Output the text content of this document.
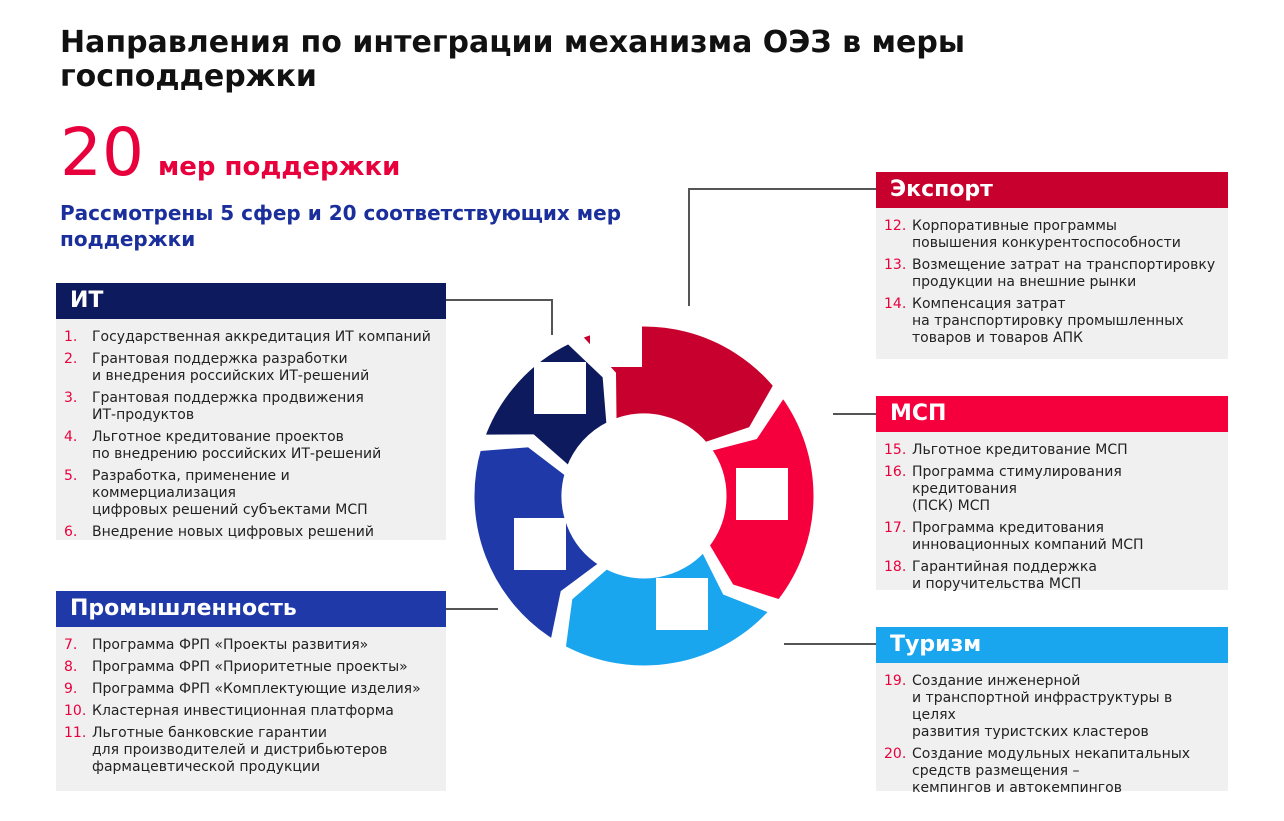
Направления по интеграции механизма ОЭЗ в меры господдержки
20 мер поддержки
Рассмотрены 5 сфер и 20 соответствующих мер поддержки
ИТ
1.	Государственная аккредитация ИТ компаний
2.	Грантовая поддержка разработки
и внедрения российских ИТ-решений
3.	Грантовая поддержка продвижения
ИТ-продуктов
4.	Льготное кредитование проектов
по внедрению российских ИТ-решений
5.	Разработка, применение и коммерциализация
цифровых решений субъектами МСП
6.	Внедрение новых цифровых решений
Промышленность
7.	Программа ФРП «Проекты развития»
8.	Программа ФРП «Приоритетные проекты»
9.	Программа ФРП «Комплектующие изделия»
10. Кластерная инвестиционная платформа
11. Льготные банковские гарантии
для производителей и дистрибьютеров
фармацевтической продукции
Экспорт
12. Корпоративные программы
повышения конкурентоспособности
13. Возмещение затрат на транспортировку
продукции на внешние рынки
14. Компенсация затрат
на транспортировку промышленных
товаров и товаров АПК
МСП
15. Льготное кредитование МСП
16. Программа стимулирования кредитования
(ПСК) МСП
17. Программа кредитования
инновационных компаний МСП
18. Гарантийная поддержка
и поручительства МСП
Туризм
19. Создание инженерной
и транспортной инфраструктуры в целях
развития туристских кластеров
20. Создание модульных некапитальных
средств размещения –
кемпингов и автокемпингов
